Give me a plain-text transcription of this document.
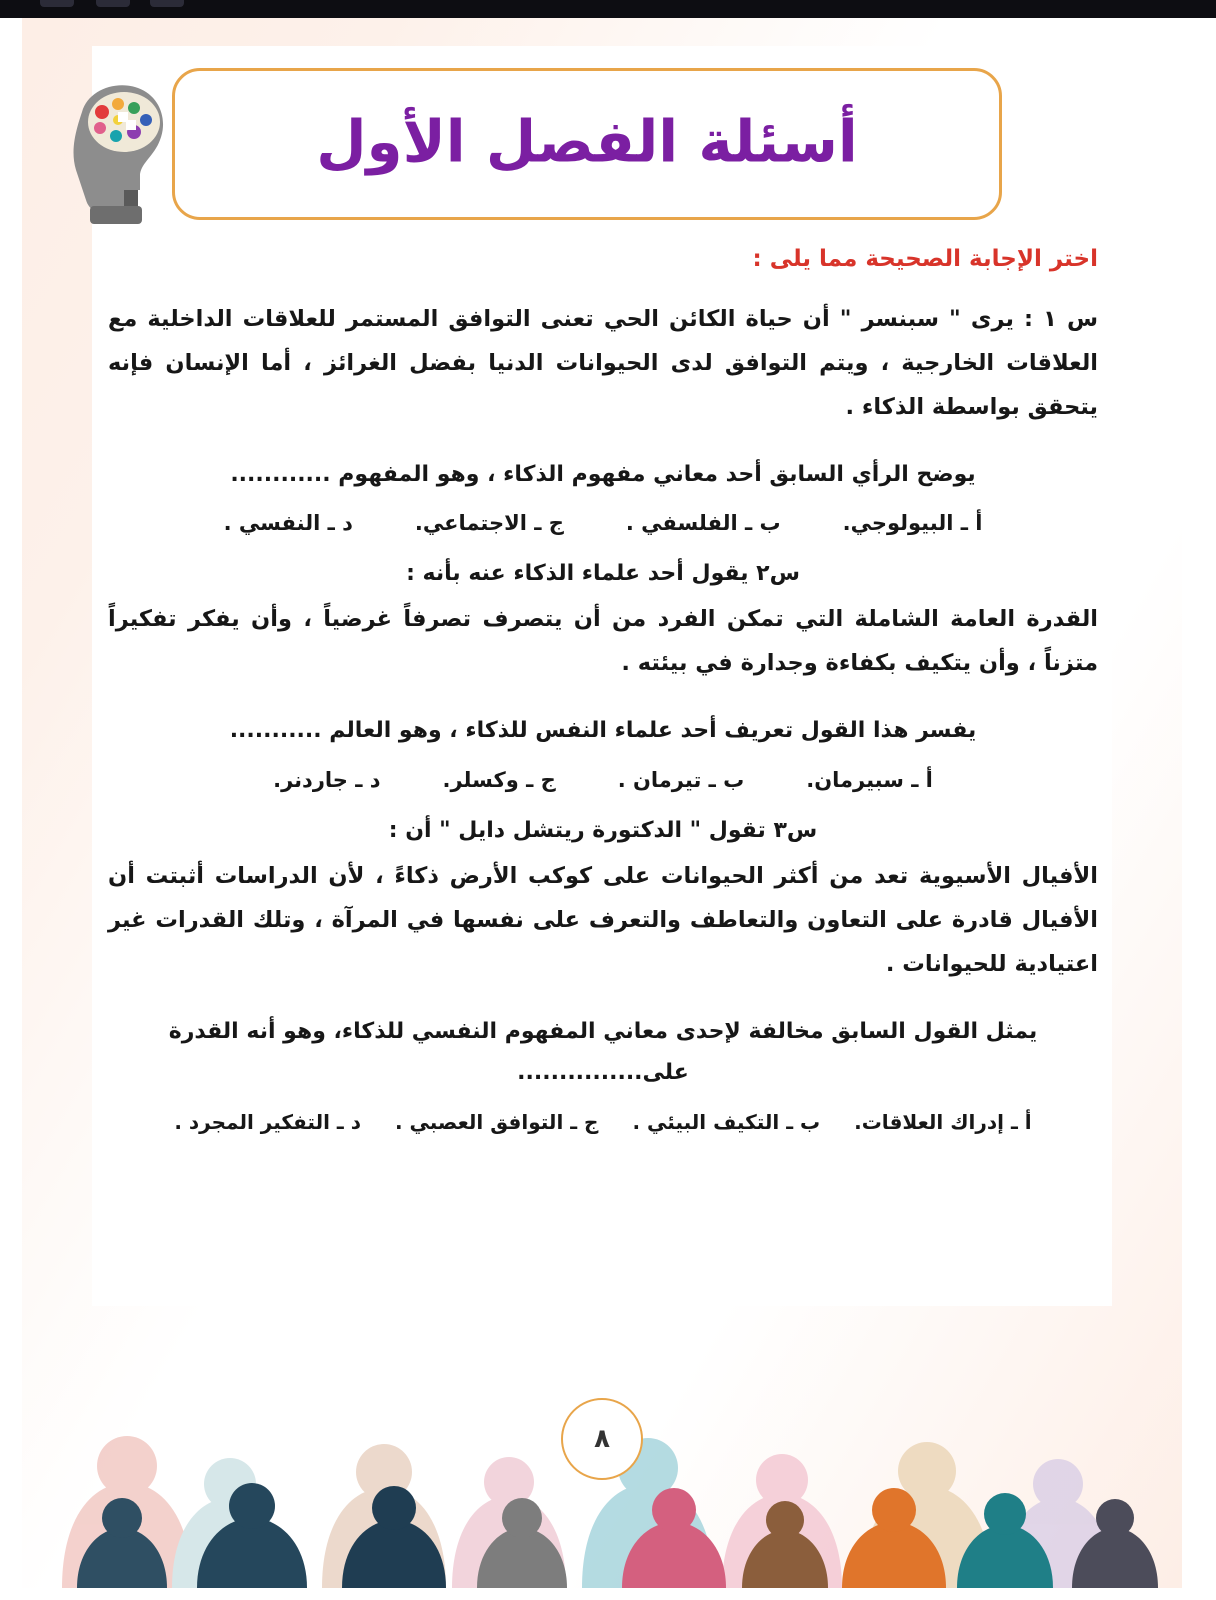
أسئلة الفصل الأول
اختر الإجابة الصحيحة مما يلى :
س ١ : يرى " سبنسر " أن حياة الكائن الحي تعنى التوافق المستمر للعلاقات الداخلية مع العلاقات الخارجية ، ويتم التوافق لدى الحيوانات الدنيا بفضل الغرائز ، أما الإنسان فإنه يتحقق بواسطة الذكاء .
يوضح الرأي السابق أحد معاني مفهوم الذكاء ، وهو المفهوم ............
أ ـ البيولوجي.
ب ـ الفلسفي .
ج ـ الاجتماعي.
د ـ النفسي .
س٢ يقول أحد علماء الذكاء عنه بأنه :
القدرة العامة الشاملة التي تمكن الفرد من أن يتصرف تصرفاً غرضياً ، وأن يفكر تفكيراً متزناً ، وأن يتكيف بكفاءة وجدارة في بيئته .
يفسر هذا القول تعريف أحد علماء النفس للذكاء ، وهو العالم ...........
أ ـ سبيرمان.
ب ـ تيرمان .
ج ـ وكسلر.
د ـ جاردنر.
س٣ تقول " الدكتورة ريتشل دايل " أن :
الأفيال الأسيوية تعد من أكثر الحيوانات على كوكب الأرض ذكاءً ، لأن الدراسات أثبتت أن الأفيال قادرة على التعاون والتعاطف والتعرف على نفسها في المرآة ، وتلك القدرات غير اعتيادية للحيوانات .
يمثل القول السابق مخالفة لإحدى معاني المفهوم النفسي للذكاء، وهو أنه القدرة على...............
أ ـ إدراك العلاقات.
ب ـ التكيف البيئي .
ج ـ التوافق العصبي .
د ـ التفكير المجرد .
٨
